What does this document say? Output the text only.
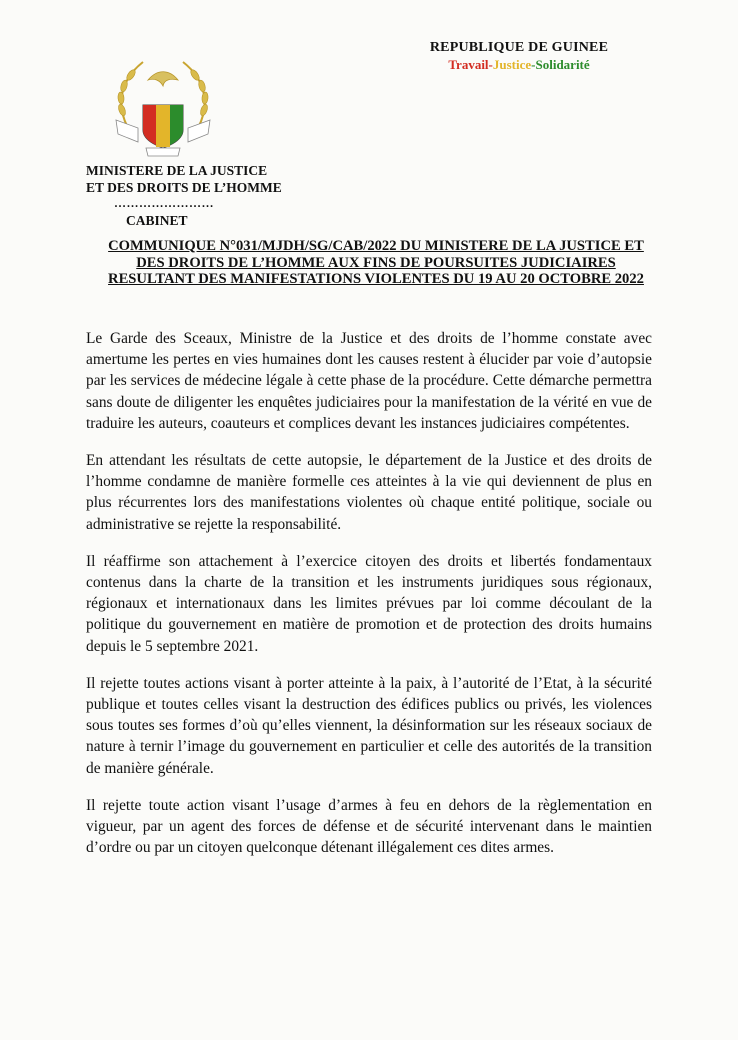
REPUBLIQUE DE GUINEE
Travail-Justice-Solidarité
MINISTERE DE LA JUSTICE
ET DES DROITS DE L’HOMME
……………………
CABINET
COMMUNIQUE N°031/MJDH/SG/CAB/2022 DU MINISTERE DE LA JUSTICE ET DES DROITS DE L’HOMME AUX FINS DE POURSUITES JUDICIAIRES RESULTANT DES MANIFESTATIONS VIOLENTES DU 19 AU 20 OCTOBRE 2022

Le Garde des Sceaux, Ministre de la Justice et des droits de l’homme constate avec amertume les pertes en vies humaines dont les causes restent à élucider par voie d’autopsie par les services de médecine légale à cette phase de la procédure. Cette démarche permettra sans doute de diligenter les enquêtes judiciaires pour la manifestation de la vérité en vue de traduire les auteurs, coauteurs et complices devant les instances judiciaires compétentes.

En attendant les résultats de cette autopsie, le département de la Justice et des droits de l’homme condamne de manière formelle ces atteintes à la vie qui deviennent de plus en plus récurrentes lors des manifestations violentes où chaque entité politique, sociale ou administrative se rejette la responsabilité.

Il réaffirme son attachement à l’exercice citoyen des droits et libertés fondamentaux contenus dans la charte de la transition et les instruments juridiques sous régionaux, régionaux et internationaux dans les limites prévues par loi comme découlant de la politique du gouvernement en matière de promotion et de protection des droits humains depuis le 5 septembre 2021.

Il rejette toutes actions visant à porter atteinte à la paix, à l’autorité de l’Etat, à la sécurité publique et toutes celles visant la destruction des édifices publics ou privés, les violences sous toutes ses formes d’où qu’elles viennent, la désinformation sur les réseaux sociaux de nature à ternir l’image du gouvernement en particulier et celle des autorités de la transition de manière générale.

Il rejette toute action visant l’usage d’armes à feu en dehors de la règlementation en vigueur, par un agent des forces de défense et de sécurité intervenant dans le maintien d’ordre ou par un citoyen quelconque détenant illégalement ces dites armes.
